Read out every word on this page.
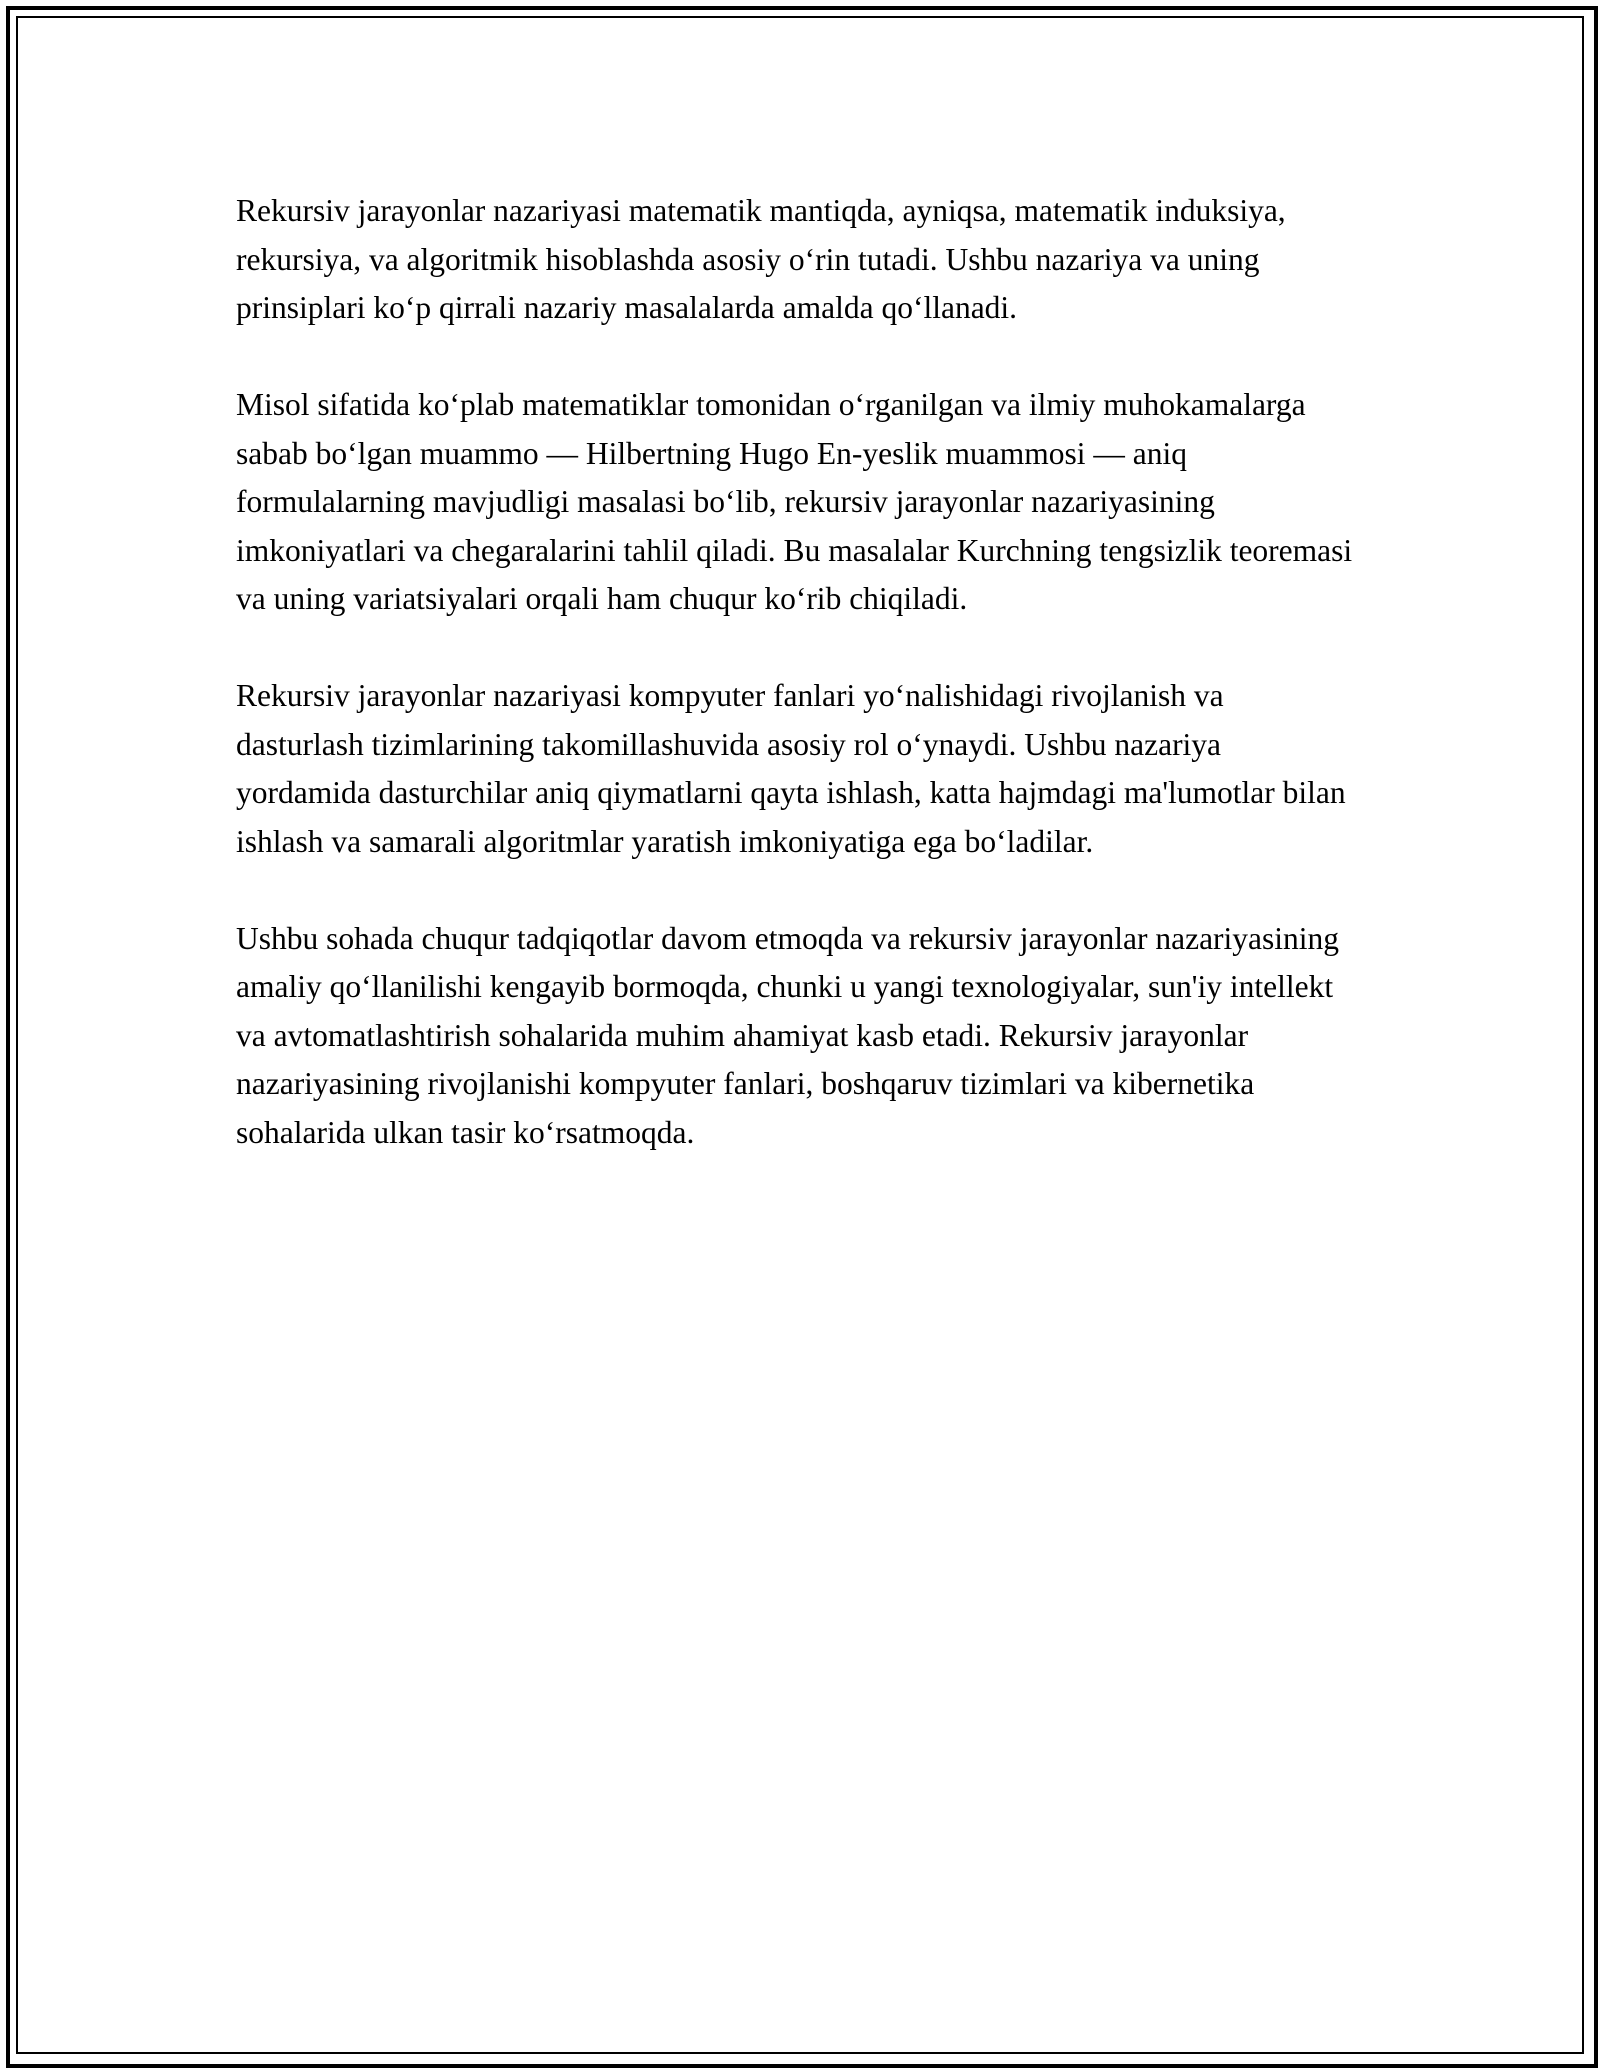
Rekursiv jarayonlar nazariyasi matematik mantiqda, ayniqsa, matematik induksiya, rekursiya, va algoritmik hisoblashda asosiy oʻrin tutadi. Ushbu nazariya va uning prinsiplari koʻp qirrali nazariy masalalarda amalda qoʻllanadi.

Misol sifatida koʻplab matematiklar tomonidan oʻrganilgan va ilmiy muhokamalarga sabab boʻlgan muammo — Hilbertning Hugo En-yeslik muammosi — aniq formulalarning mavjudligi masalasi boʻlib, rekursiv jarayonlar nazariyasining imkoniyatlari va chegaralarini tahlil qiladi. Bu masalalar Kurchning tengsizlik teoremasi va uning variatsiyalari orqali ham chuqur koʻrib chiqiladi.

Rekursiv jarayonlar nazariyasi kompyuter fanlari yoʻnalishidagi rivojlanish va dasturlash tizimlarining takomillashuvida asosiy rol oʻynaydi. Ushbu nazariya yordamida dasturchilar aniq qiymatlarni qayta ishlash, katta hajmdagi ma'lumotlar bilan ishlash va samarali algoritmlar yaratish imkoniyatiga ega boʻladilar.

Ushbu sohada chuqur tadqiqotlar davom etmoqda va rekursiv jarayonlar nazariyasining amaliy qoʻllanilishi kengayib bormoqda, chunki u yangi texnologiyalar, sun'iy intellekt va avtomatlashtirish sohalarida muhim ahamiyat kasb etadi. Rekursiv jarayonlar nazariyasining rivojlanishi kompyuter fanlari, boshqaruv tizimlari va kibernetika sohalarida ulkan tasir koʻrsatmoqda.
